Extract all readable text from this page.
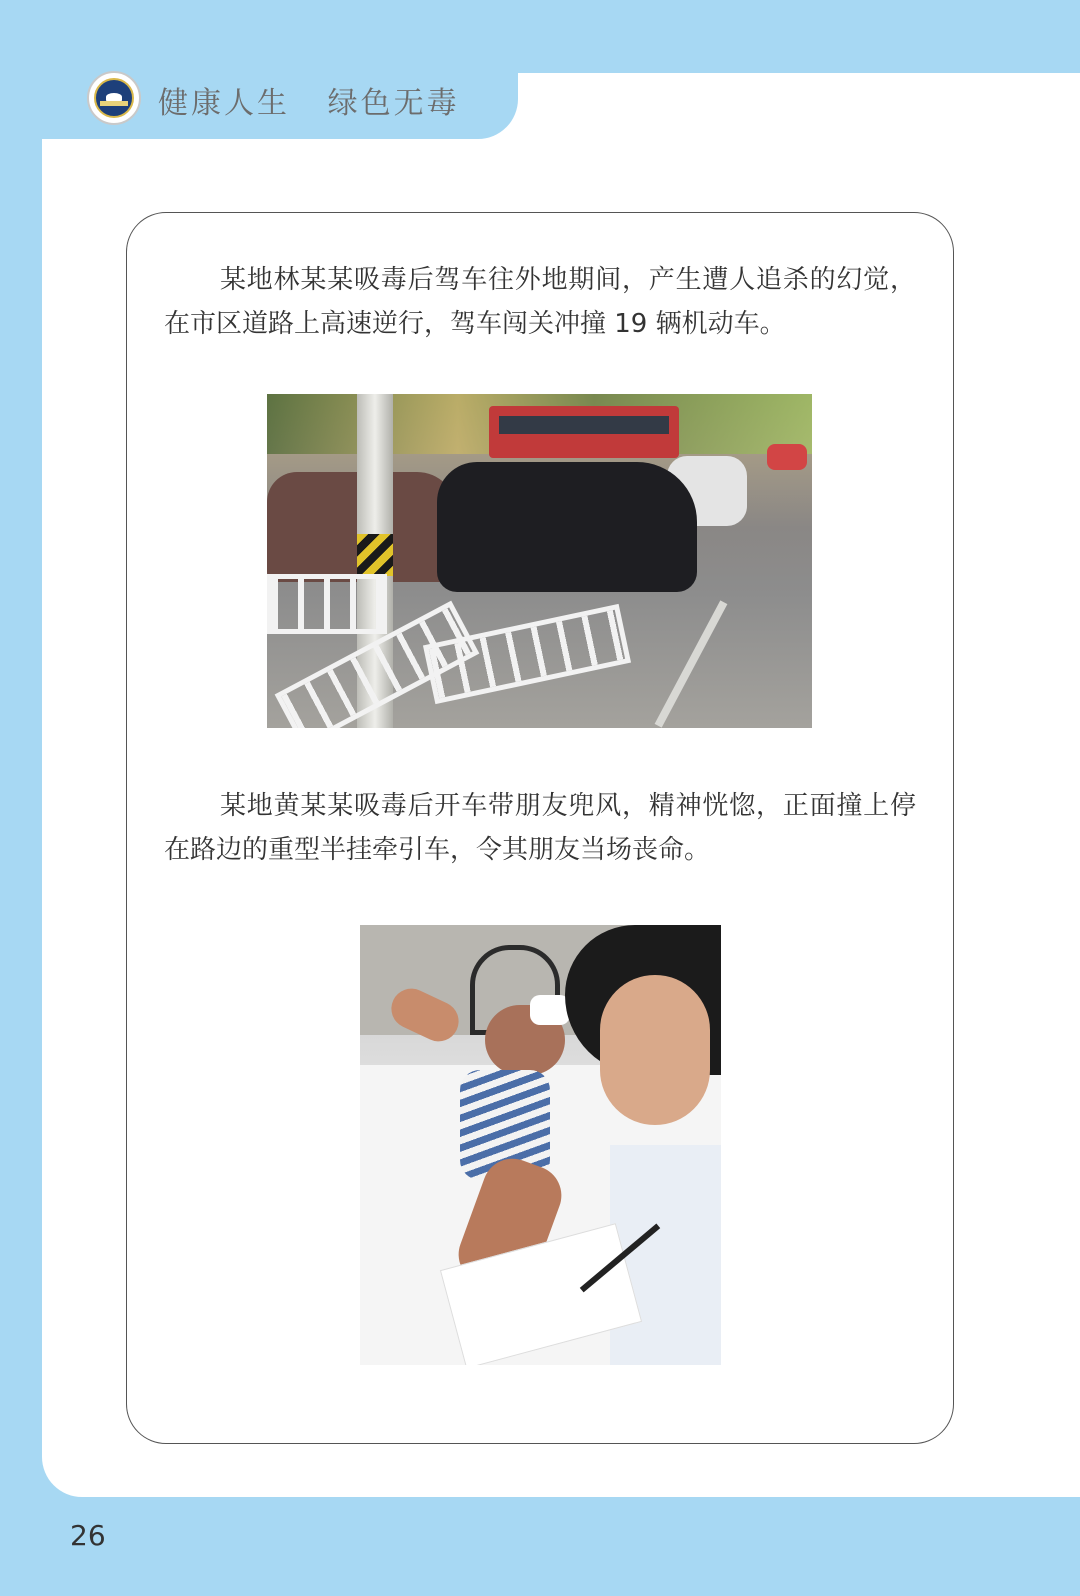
健康人生   绿色无毒

某地林某某吸毒后驾车往外地期间，产生遭人追杀的幻觉，在市区道路上高速逆行，驾车闯关冲撞 19 辆机动车。

某地黄某某吸毒后开车带朋友兜风，精神恍惚，正面撞上停在路边的重型半挂牵引车，令其朋友当场丧命。

26
